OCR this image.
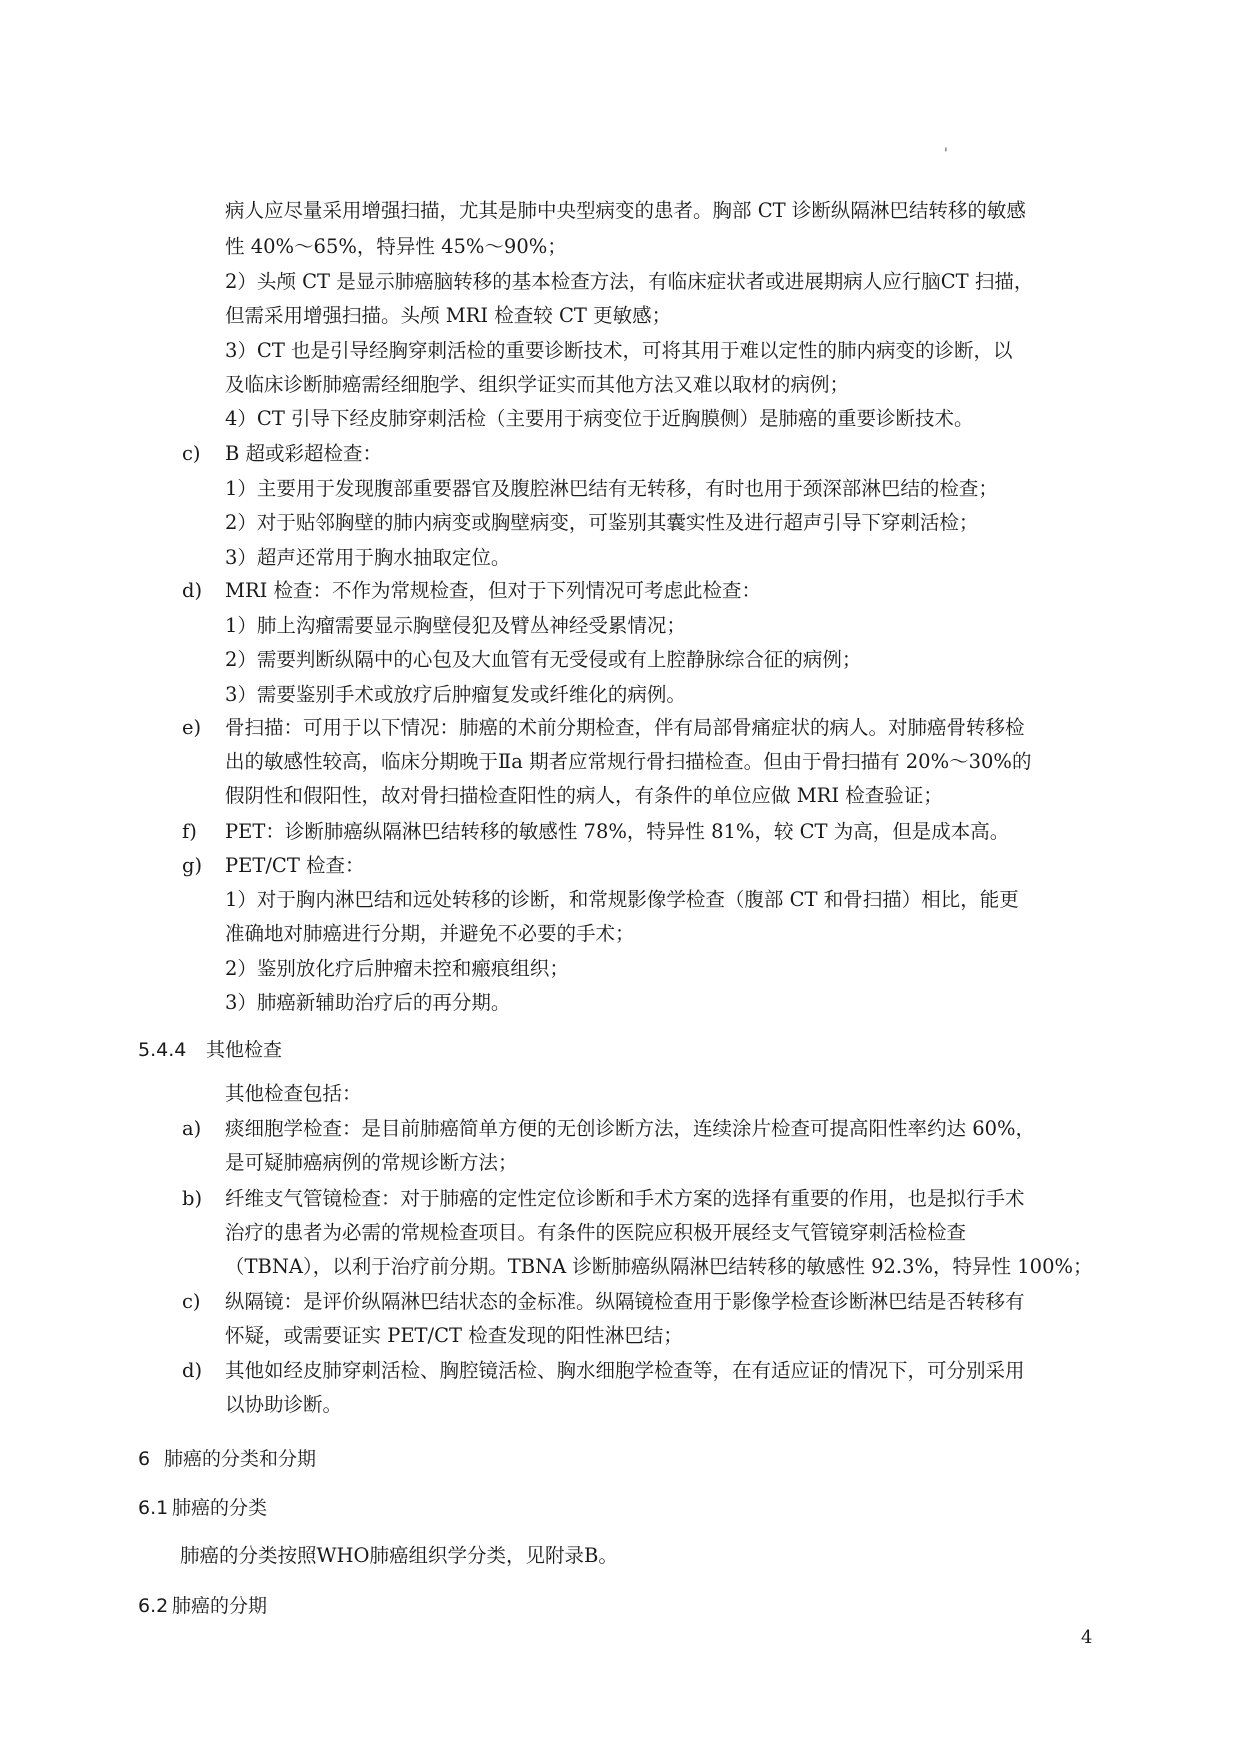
'
病人应尽量采用增强扫描，尤其是肺中央型病变的患者。胸部 CT 诊断纵隔淋巴结转移的敏感
性 40%～65%，特异性 45%～90%；
2）头颅 CT 是显示肺癌脑转移的基本检查方法，有临床症状者或进展期病人应行脑CT 扫描，
但需采用增强扫描。头颅 MRI 检查较 CT 更敏感；
3）CT 也是引导经胸穿刺活检的重要诊断技术，可将其用于难以定性的肺内病变的诊断，以
及临床诊断肺癌需经细胞学、组织学证实而其他方法又难以取材的病例；
4）CT 引导下经皮肺穿刺活检（主要用于病变位于近胸膜侧）是肺癌的重要诊断技术。
c) B 超或彩超检查：
1）主要用于发现腹部重要器官及腹腔淋巴结有无转移，有时也用于颈深部淋巴结的检查；
2）对于贴邻胸壁的肺内病变或胸壁病变，可鉴别其囊实性及进行超声引导下穿刺活检；
3）超声还常用于胸水抽取定位。
d) MRI 检查：不作为常规检查，但对于下列情况可考虑此检查：
1）肺上沟瘤需要显示胸壁侵犯及臂丛神经受累情况；
2）需要判断纵隔中的心包及大血管有无受侵或有上腔静脉综合征的病例；
3）需要鉴别手术或放疗后肿瘤复发或纤维化的病例。
e) 骨扫描：可用于以下情况：肺癌的术前分期检查，伴有局部骨痛症状的病人。对肺癌骨转移检
出的敏感性较高，临床分期晚于Ⅱa 期者应常规行骨扫描检查。但由于骨扫描有 20%～30%的
假阴性和假阳性，故对骨扫描检查阳性的病人，有条件的单位应做 MRI 检查验证；
f) PET：诊断肺癌纵隔淋巴结转移的敏感性 78%，特异性 81%，较 CT 为高，但是成本高。
g) PET/CT 检查：
1）对于胸内淋巴结和远处转移的诊断，和常规影像学检查（腹部 CT 和骨扫描）相比，能更
准确地对肺癌进行分期，并避免不必要的手术；
2）鉴别放化疗后肿瘤未控和瘢痕组织；
3）肺癌新辅助治疗后的再分期。
5.4.4 其他检查
其他检查包括：
a) 痰细胞学检查：是目前肺癌简单方便的无创诊断方法，连续涂片检查可提高阳性率约达 60%，
是可疑肺癌病例的常规诊断方法；
b) 纤维支气管镜检查：对于肺癌的定性定位诊断和手术方案的选择有重要的作用，也是拟行手术
治疗的患者为必需的常规检查项目。有条件的医院应积极开展经支气管镜穿刺活检检查
（TBNA），以利于治疗前分期。TBNA 诊断肺癌纵隔淋巴结转移的敏感性 92.3%，特异性 100%；
c) 纵隔镜：是评价纵隔淋巴结状态的金标准。纵隔镜检查用于影像学检查诊断淋巴结是否转移有
怀疑，或需要证实 PET/CT 检查发现的阳性淋巴结；
d) 其他如经皮肺穿刺活检、胸腔镜活检、胸水细胞学检查等，在有适应证的情况下，可分别采用
以协助诊断。
6 肺癌的分类和分期
6.1 肺癌的分类
肺癌的分类按照WHO肺癌组织学分类，见附录B。
6.2 肺癌的分期
4
